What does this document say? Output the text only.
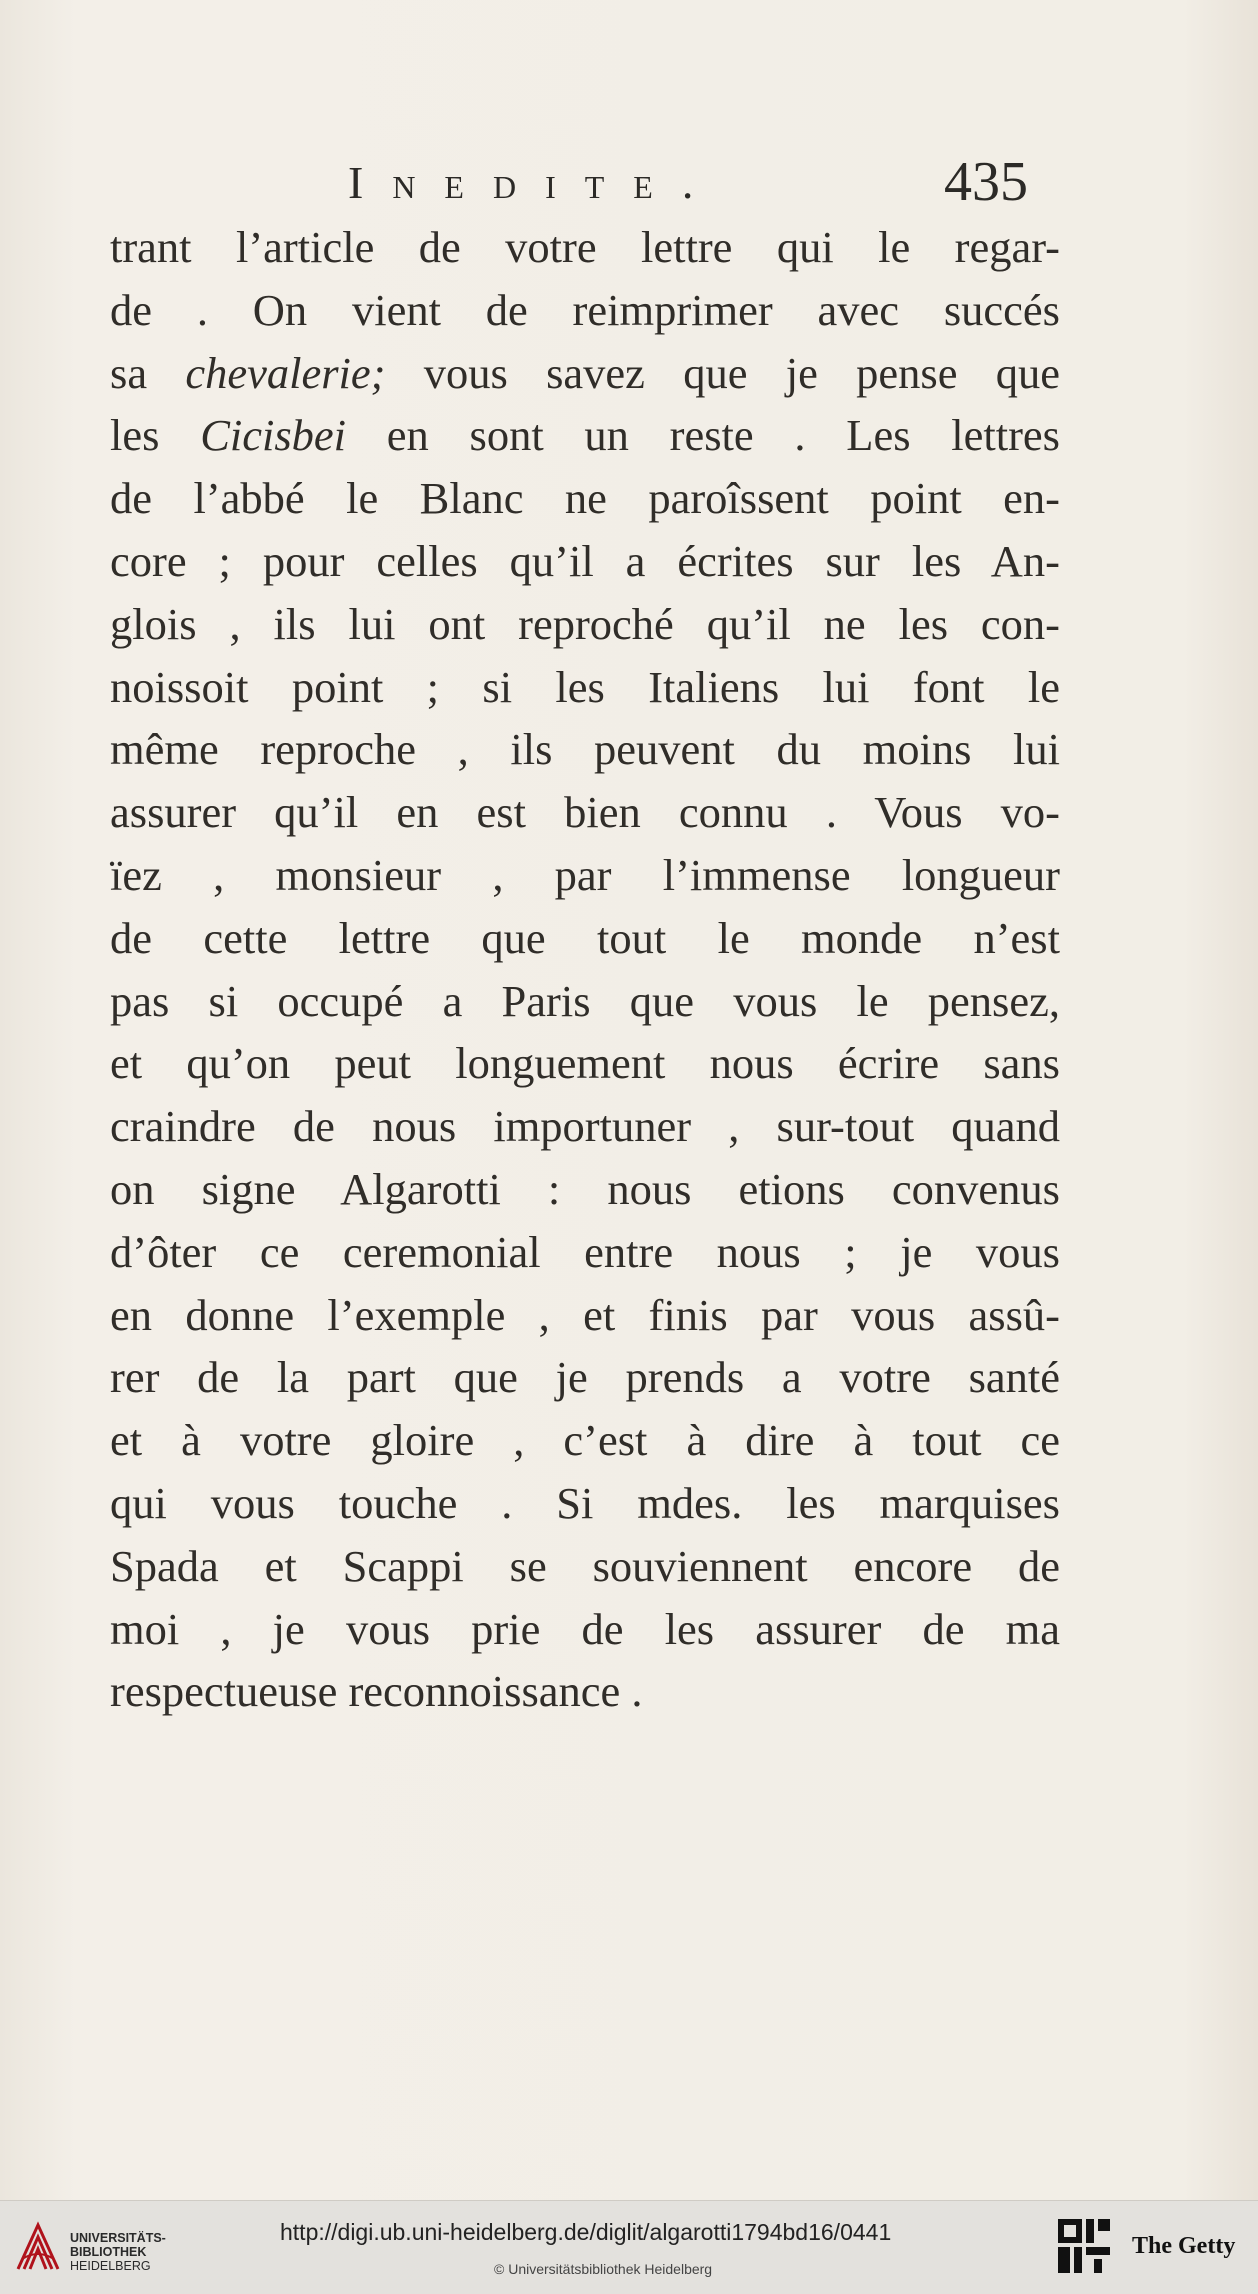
Inedite.	435
trant l’article de votre lettre qui le regar-
de . On vient de reimprimer avec succés
sa chevalerie; vous savez que je pense que
les Cicisbei en sont un reste . Les lettres
de l’abbé le Blanc ne paroîssent point en-
core ; pour celles qu’il a écrites sur les An-
glois , ils lui ont reproché qu’il ne les con-
noissoit point ; si les Italiens lui font le
même reproche , ils peuvent du moins lui
assurer qu’il en est bien connu . Vous vo-
ïez , monsieur , par l’immense longueur
de cette lettre que tout le monde n’est
pas si occupé a Paris que vous le pensez,
et qu’on peut longuement nous écrire sans
craindre de nous importuner , sur-tout quand
on signe Algarotti : nous etions convenus
d’ôter ce ceremonial entre nous ; je vous
en donne l’exemple , et finis par vous assû-
rer de la part que je prends a votre santé
et à votre gloire , c’est à dire à tout ce
qui vous touche . Si mdes. les marquises
Spada et Scappi se souviennent encore de
moi , je vous prie de les assurer de ma
respectueuse reconnoissance .
UNIVERSITÄTS-
BIBLIOTHEK
HEIDELBERG
http://digi.ub.uni-heidelberg.de/diglit/algarotti1794bd16/0441
© Universitätsbibliothek Heidelberg
The Getty
